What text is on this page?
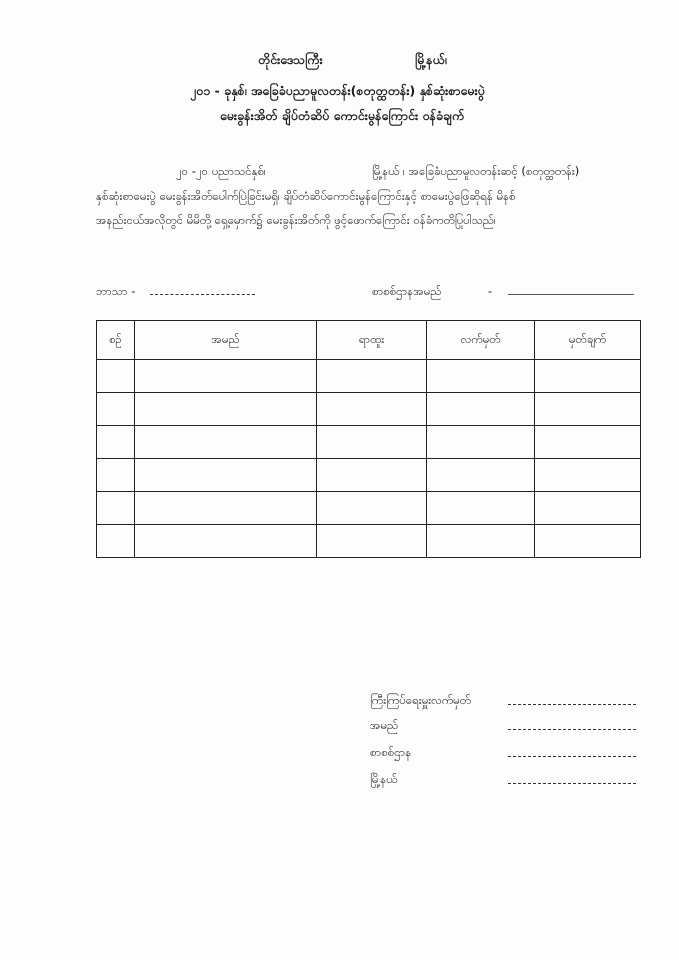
တိုင်းဒေသကြီး	မြို့နယ်၊
၂၀၁ - ခုနှစ်၊ အခြေခံပညာမူလတန်း(စတုတ္ထတန်း) နှစ်ဆုံးစာမေးပွဲ
မေးခွန်းအိတ် ချိပ်တံဆိပ် ကောင်းမွန်ကြောင်း ဝန်ခံချက်
၂၀ -၂၀ ပညာသင်နှစ်၊	မြို့နယ် ၊ အခြေခံပညာမူလတန်းဆင့် (စတုတ္ထတန်း)
နှစ်ဆုံးစာမေးပွဲ မေးခွန်းအိတ်ပေါက်ပြဲခြင်းမရှိ၊ ချိပ်တံဆိပ်ကောင်းမွန်ကြောင်းနှင့် စာမေးပွဲဖြေဆိုရန် မိနစ်
အနည်းငယ်အလိုတွင် မိမိတို့ ရှေ့မှောက်၌ မေးခွန်းအိတ်ကို ဖွင့်ဖောက်ကြောင်း ဝန်ခံကတိပြုပါသည်၊
ဘာသာ -	စာစစ်ဌာနအမည်	-
စဥ်	အမည်	ရာထူး	လက်မှတ်	မှတ်ချက်

ကြီးကြပ်ရေးမှူးလက်မှတ်
အမည်
စာစစ်ဌာန
မြို့နယ်
